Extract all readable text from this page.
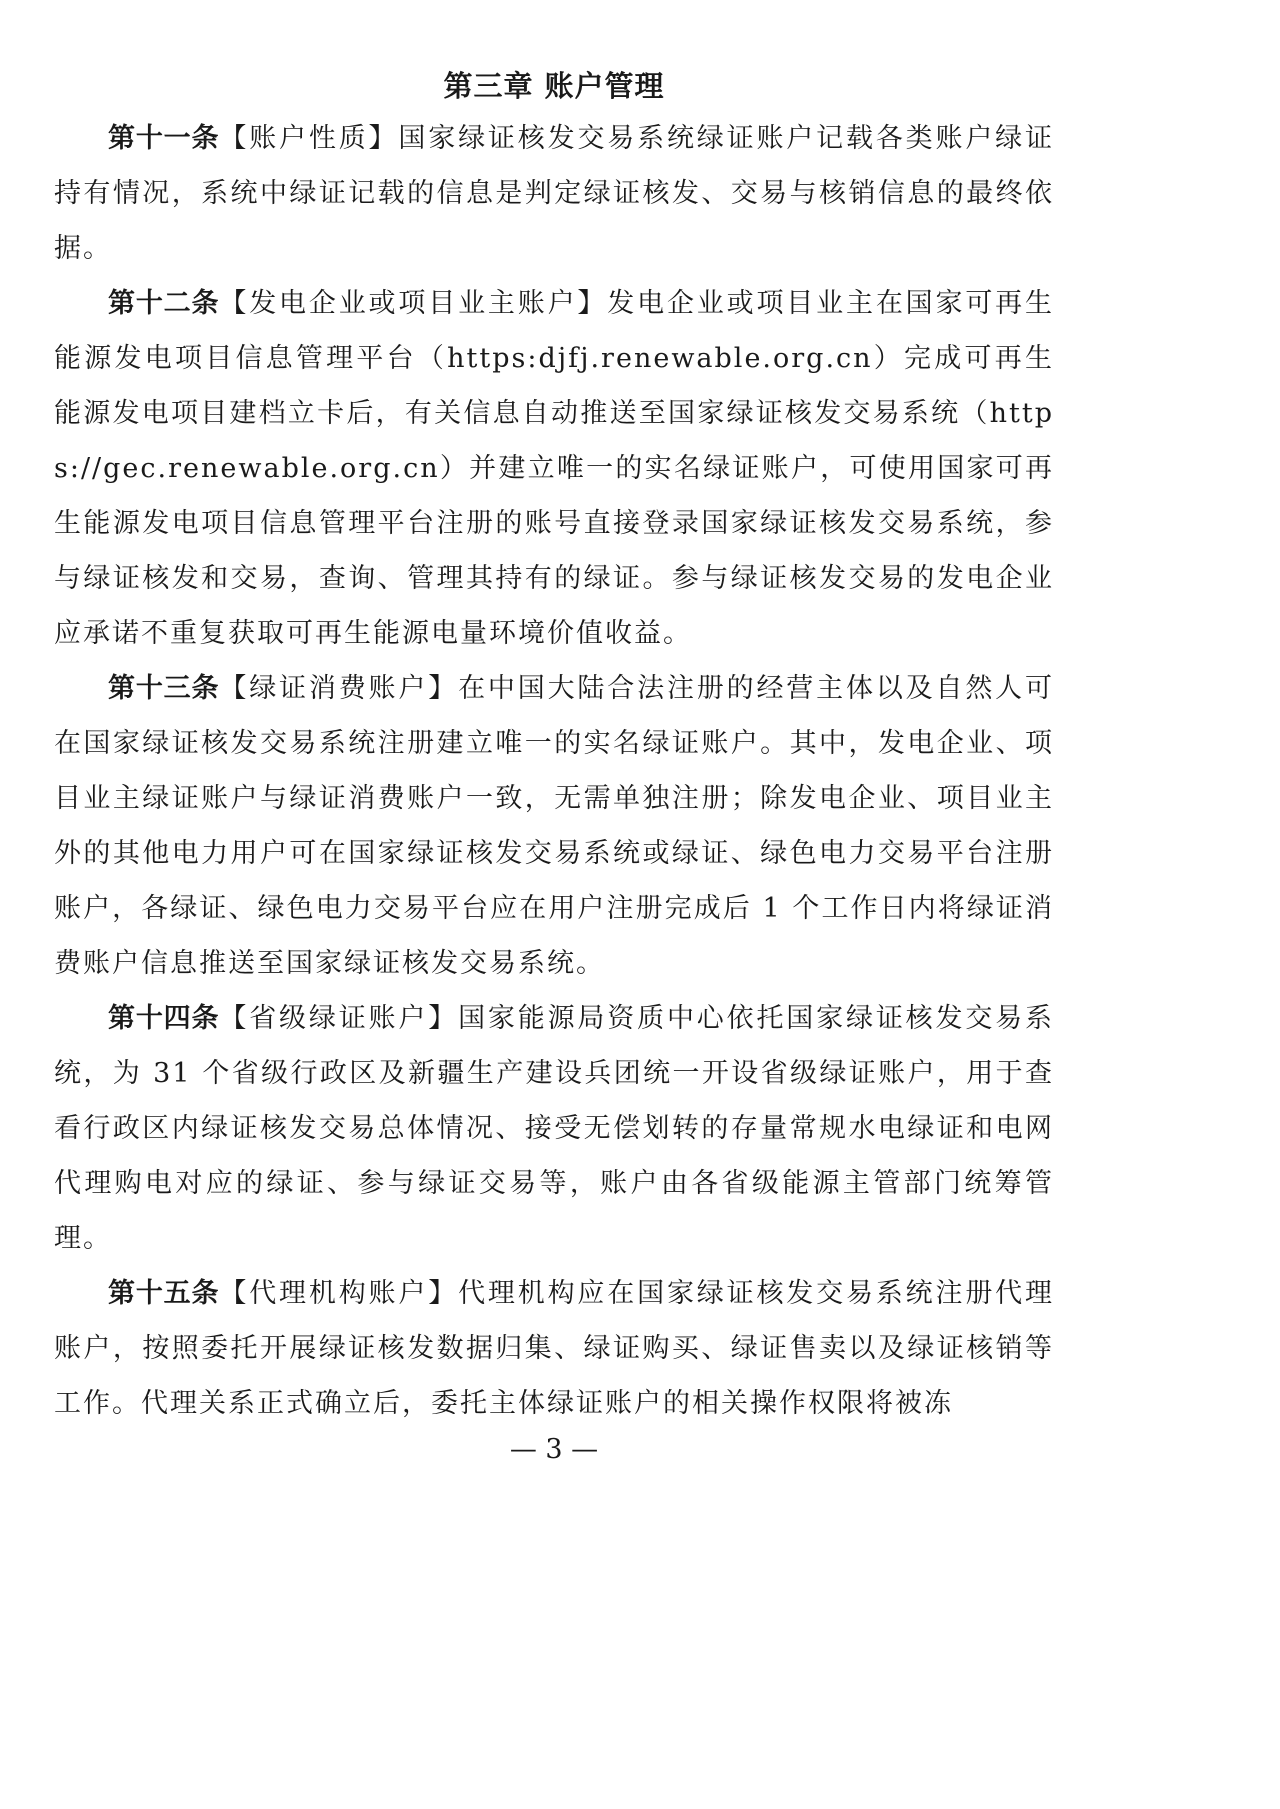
第三章 账户管理

第十一条【账户性质】国家绿证核发交易系统绿证账户记载各类账户绿证持有情况，系统中绿证记载的信息是判定绿证核发、交易与核销信息的最终依据。

第十二条【发电企业或项目业主账户】发电企业或项目业主在国家可再生能源发电项目信息管理平台（https:djfj.renewable.org.cn）完成可再生能源发电项目建档立卡后，有关信息自动推送至国家绿证核发交易系统（https://gec.renewable.org.cn）并建立唯一的实名绿证账户，可使用国家可再生能源发电项目信息管理平台注册的账号直接登录国家绿证核发交易系统，参与绿证核发和交易，查询、管理其持有的绿证。参与绿证核发交易的发电企业应承诺不重复获取可再生能源电量环境价值收益。

第十三条【绿证消费账户】在中国大陆合法注册的经营主体以及自然人可在国家绿证核发交易系统注册建立唯一的实名绿证账户。其中，发电企业、项目业主绿证账户与绿证消费账户一致，无需单独注册；除发电企业、项目业主外的其他电力用户可在国家绿证核发交易系统或绿证、绿色电力交易平台注册账户，各绿证、绿色电力交易平台应在用户注册完成后 1 个工作日内将绿证消费账户信息推送至国家绿证核发交易系统。

第十四条【省级绿证账户】国家能源局资质中心依托国家绿证核发交易系统，为 31 个省级行政区及新疆生产建设兵团统一开设省级绿证账户，用于查看行政区内绿证核发交易总体情况、接受无偿划转的存量常规水电绿证和电网代理购电对应的绿证、参与绿证交易等，账户由各省级能源主管部门统筹管理。

第十五条【代理机构账户】代理机构应在国家绿证核发交易系统注册代理账户，按照委托开展绿证核发数据归集、绿证购买、绿证售卖以及绿证核销等工作。代理关系正式确立后，委托主体绿证账户的相关操作权限将被冻

— 3 —
